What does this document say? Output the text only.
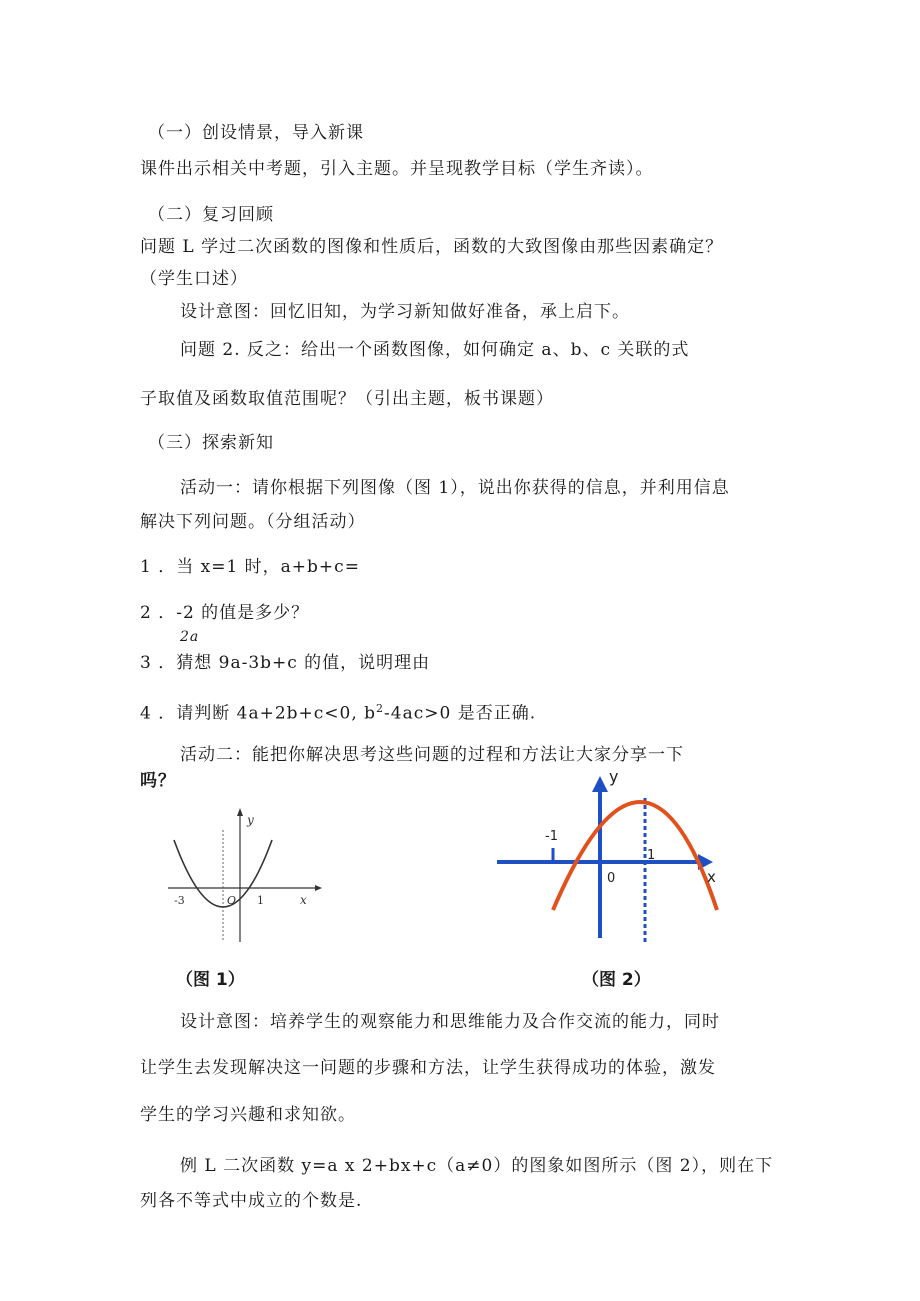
（一）创设情景，导入新课
课件出示相关中考题，引入主题。并呈现教学目标（学生齐读）。
（二）复习回顾
问题 L 学过二次函数的图像和性质后，函数的大致图像由那些因素确定？
（学生口述）
设计意图：回忆旧知，为学习新知做好准备，承上启下。
问题 2. 反之：给出一个函数图像，如何确定 a、b、c 关联的式
子取值及函数取值范围呢？（引出主题，板书课题）
（三）探索新知
活动一：请你根据下列图像（图 1），说出你获得的信息，并利用信息
解决下列问题。（分组活动）
1 ．当 x=1 时，a+b+c=
2 ．-2 的值是多少？
2a
3 ．猜想 9a-3b+c 的值，说明理由
4 ．请判断 4a+2b+c<0, $b^2-4ac>0$ 是否正确.
活动二：能把你解决思考这些问题的过程和方法让大家分享一下
吗？
y
x
-3	O 1
（图 1）
y
x
-1
0
1
（图 2）
设计意图：培养学生的观察能力和思维能力及合作交流的能力，同时
让学生去发现解决这一问题的步骤和方法，让学生获得成功的体验，激发
学生的学习兴趣和求知欲。
例 L 二次函数 y=a x 2+bx+c（a≠0）的图象如图所示（图 2），则在下
列各不等式中成立的个数是.
